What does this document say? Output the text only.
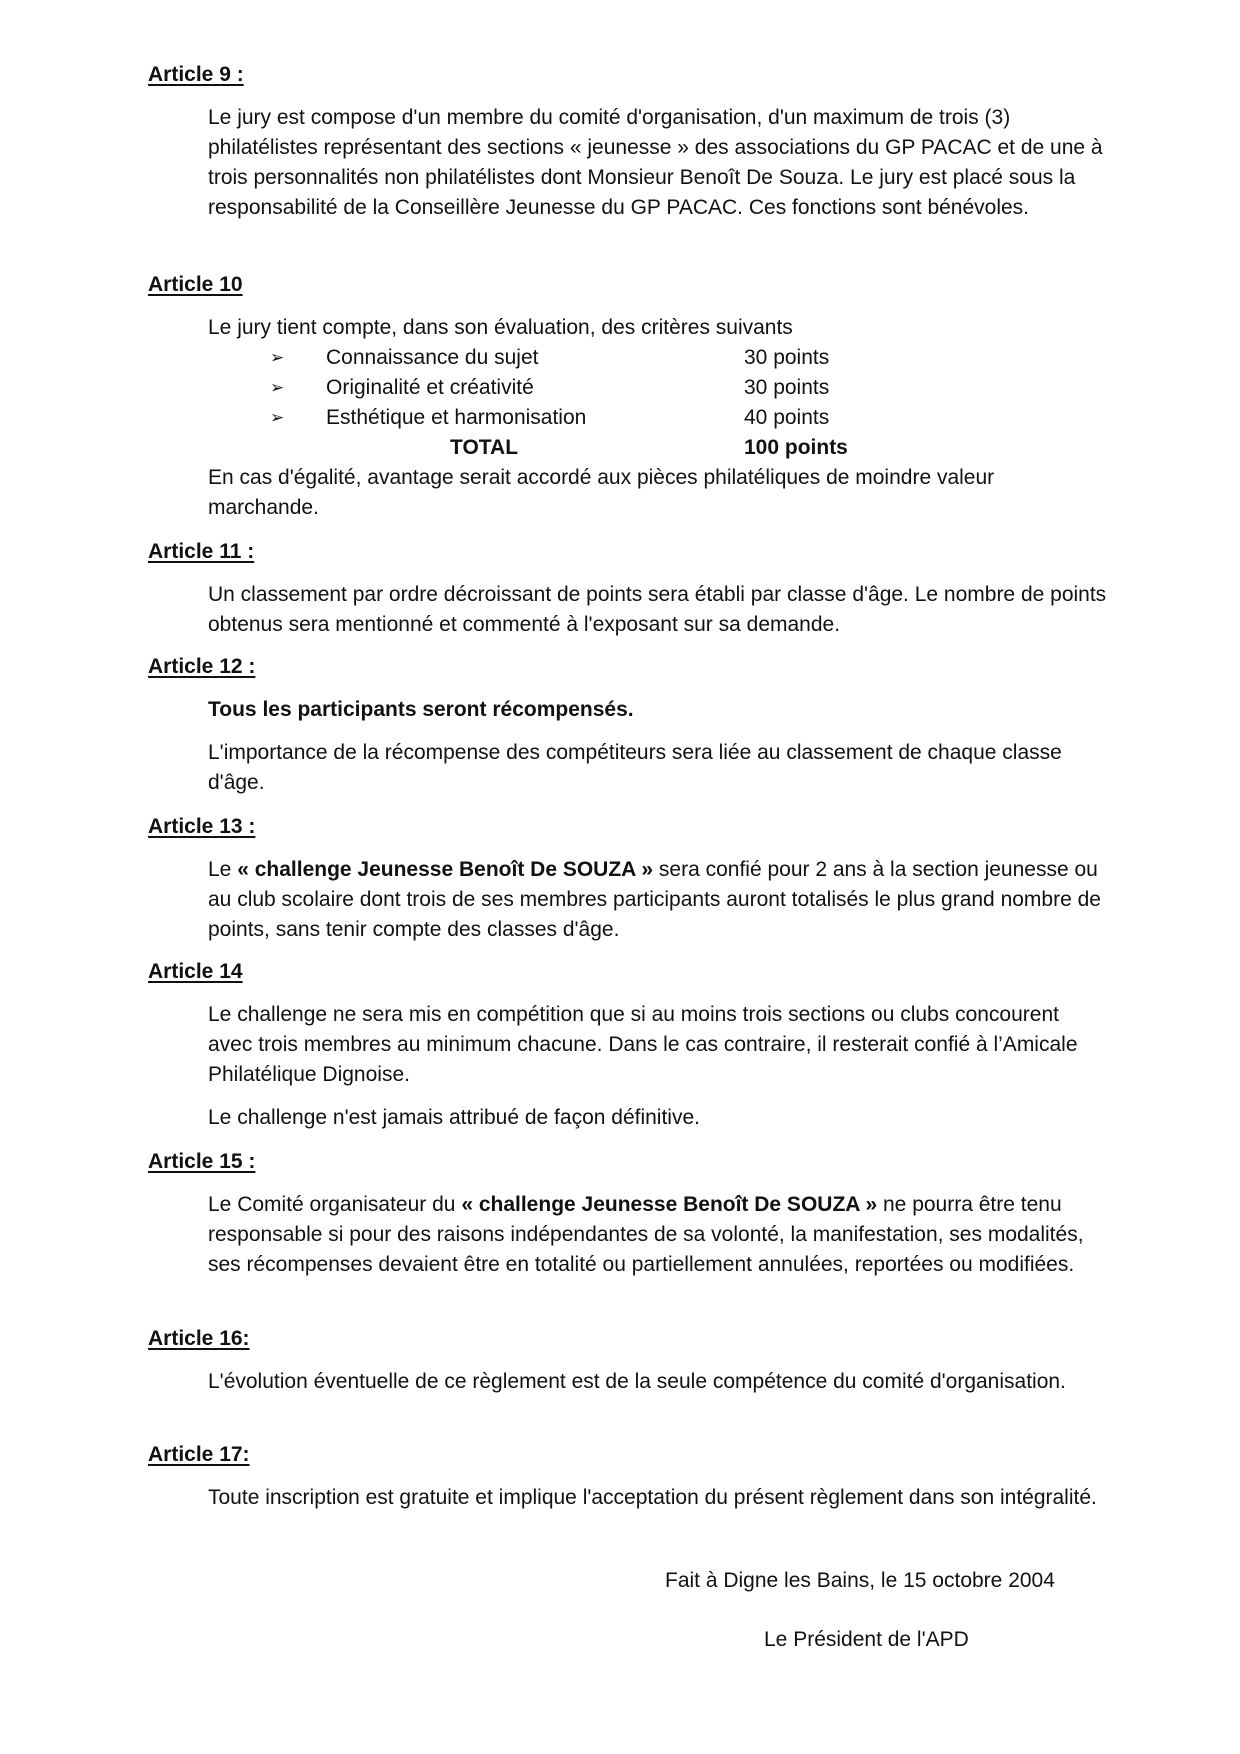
Article 9 :
Le jury est compose d'un membre du comité d'organisation, d'un maximum de trois (3) philatélistes représentant des sections « jeunesse » des associations du GP PACAC et de une à trois personnalités non philatélistes dont Monsieur Benoît De Souza. Le jury est placé sous la responsabilité de la Conseillère Jeunesse du GP PACAC. Ces fonctions sont bénévoles.
Article 10
Le jury tient compte, dans son évaluation, des critères suivants
➢ Connaissance du sujet	30 points
➢ Originalité et créativité	30 points
➢ Esthétique et harmonisation	40 points
TOTAL	100 points
En cas d'égalité, avantage serait accordé aux pièces philatéliques de moindre valeur marchande.
Article 11 :
Un classement par ordre décroissant de points sera établi par classe d'âge. Le nombre de points obtenus sera mentionné et commenté à l'exposant sur sa demande.
Article 12 :
Tous les participants seront récompensés.
L'importance de la récompense des compétiteurs sera liée au classement de chaque classe d'âge.
Article 13 :
Le « challenge Jeunesse Benoît De SOUZA » sera confié pour 2 ans à la section jeunesse ou au club scolaire dont trois de ses membres participants auront totalisés le plus grand nombre de points, sans tenir compte des classes d'âge.
Article 14
Le challenge ne sera mis en compétition que si au moins trois sections ou clubs concourent avec trois membres au minimum chacune. Dans le cas contraire, il resterait confié à l’Amicale Philatélique Dignoise.
Le challenge n'est jamais attribué de façon définitive.
Article 15 :
Le Comité organisateur du « challenge Jeunesse Benoît De SOUZA » ne pourra être tenu responsable si pour des raisons indépendantes de sa volonté, la manifestation, ses modalités, ses récompenses devaient être en totalité ou partiellement annulées, reportées ou modifiées.
Article 16:
L'évolution éventuelle de ce règlement est de la seule compétence du comité d'organisation.
Article 17:
Toute inscription est gratuite et implique l'acceptation du présent règlement dans son intégralité.
Fait à Digne les Bains, le 15 octobre 2004
Le Président de l'APD
